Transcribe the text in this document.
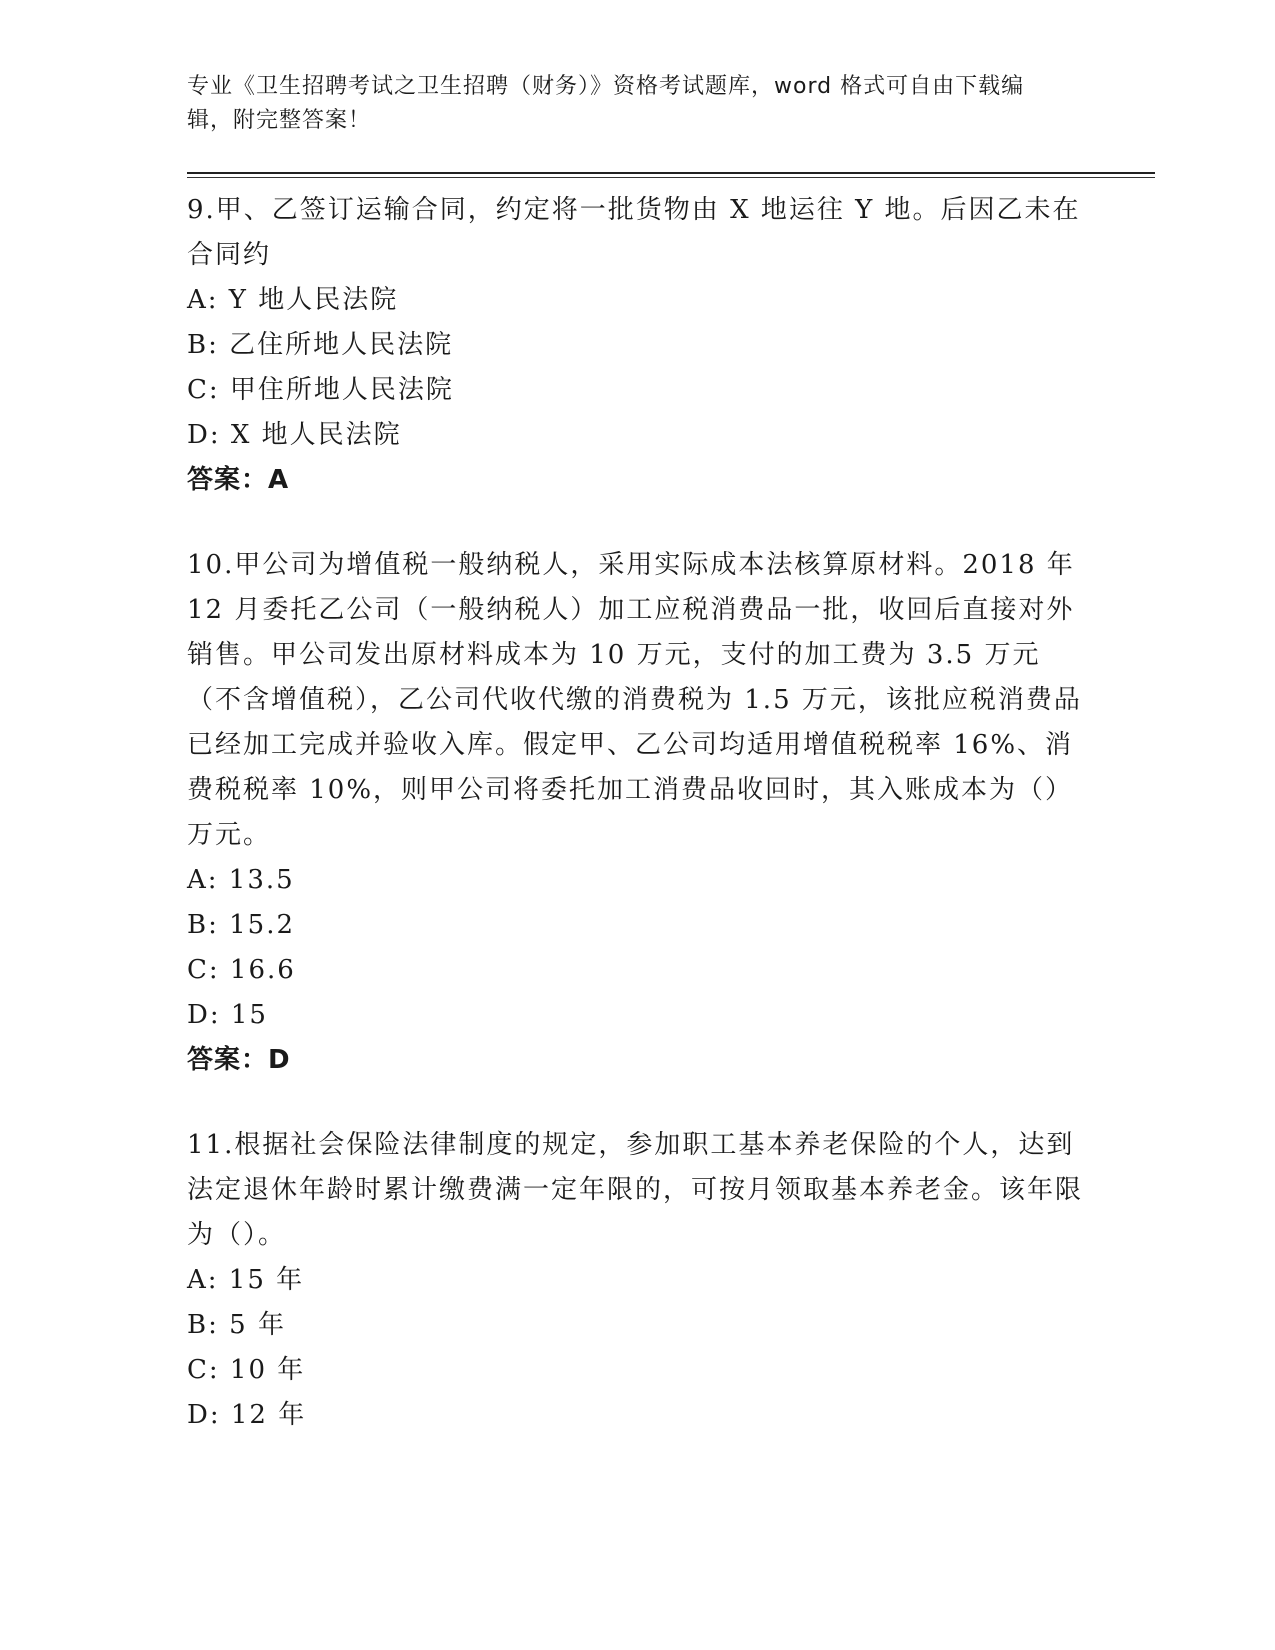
专业《卫生招聘考试之卫生招聘（财务）》资格考试题库，word 格式可自由下载编辑，附完整答案！
9.甲、乙签订运输合同，约定将一批货物由 X 地运往 Y 地。后因乙未在合同约
A: Y 地人民法院
B: 乙住所地人民法院
C: 甲住所地人民法院
D: X 地人民法院
答案：A
10.甲公司为增值税一般纳税人，采用实际成本法核算原材料。2018 年 12 月委托乙公司（一般纳税人）加工应税消费品一批，收回后直接对外销售。甲公司发出原材料成本为 10 万元，支付的加工费为 3.5 万元（不含增值税），乙公司代收代缴的消费税为 1.5 万元，该批应税消费品已经加工完成并验收入库。假定甲、乙公司均适用增值税税率 16%、消费税税率 10%，则甲公司将委托加工消费品收回时，其入账成本为（）万元。
A: 13.5
B: 15.2
C: 16.6
D: 15
答案：D
11.根据社会保险法律制度的规定，参加职工基本养老保险的个人，达到法定退休年龄时累计缴费满一定年限的，可按月领取基本养老金。该年限为（）。
A: 15 年
B: 5 年
C: 10 年
D: 12 年
